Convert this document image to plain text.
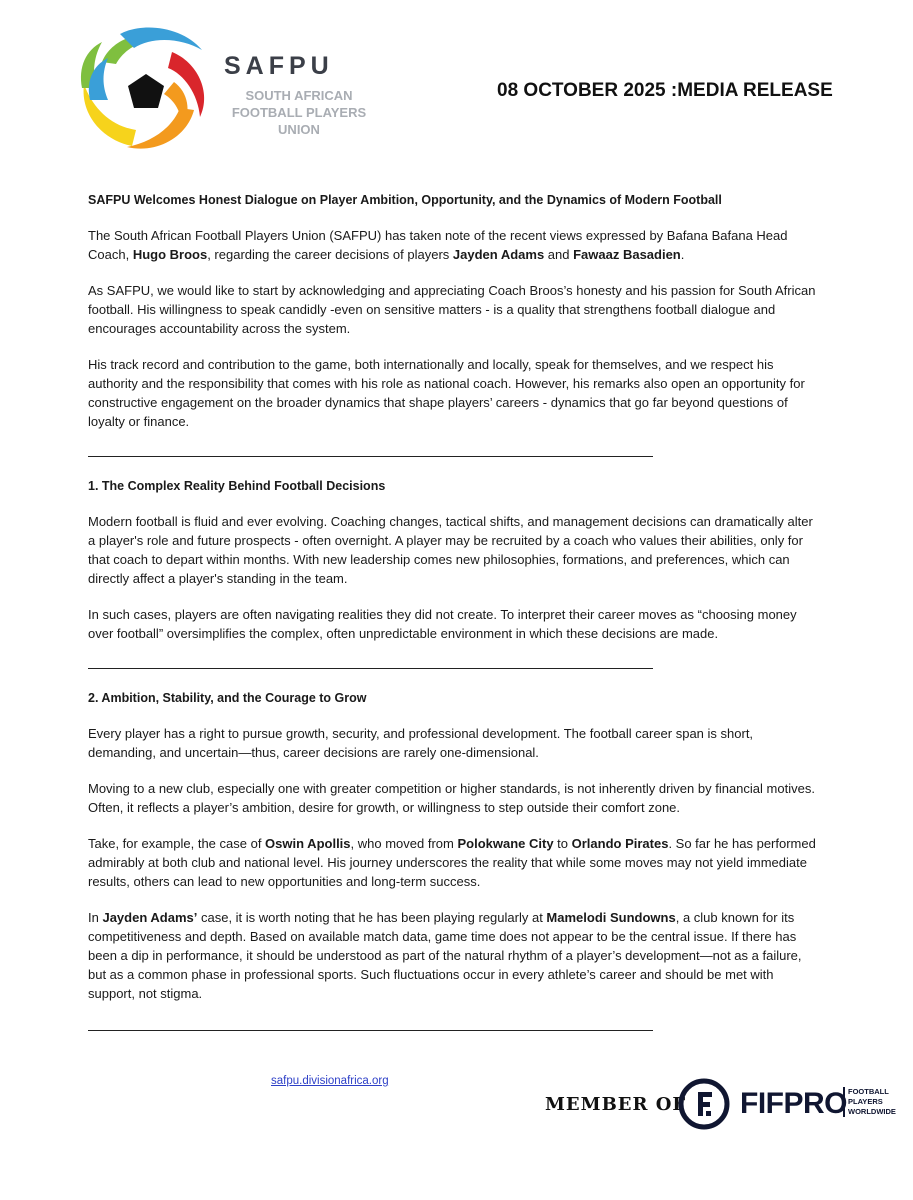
SAFPU
SOUTH AFRICAN
FOOTBALL PLAYERS
UNION
08 OCTOBER 2025 :MEDIA RELEASE

SAFPU Welcomes Honest Dialogue on Player Ambition, Opportunity, and the Dynamics of Modern Football

The South African Football Players Union (SAFPU) has taken note of the recent views expressed by Bafana Bafana Head Coach, Hugo Broos, regarding the career decisions of players Jayden Adams and Fawaaz Basadien.

As SAFPU, we would like to start by acknowledging and appreciating Coach Broos’s honesty and his passion for South African football. His willingness to speak candidly -even on sensitive matters - is a quality that strengthens football dialogue and encourages accountability across the system.

His track record and contribution to the game, both internationally and locally, speak for themselves, and we respect his authority and the responsibility that comes with his role as national coach. However, his remarks also open an opportunity for constructive engagement on the broader dynamics that shape players’ careers - dynamics that go far beyond questions of loyalty or finance.

1. The Complex Reality Behind Football Decisions

Modern football is fluid and ever evolving. Coaching changes, tactical shifts, and management decisions can dramatically alter a player's role and future prospects - often overnight. A player may be recruited by a coach who values their abilities, only for that coach to depart within months. With new leadership comes new philosophies, formations, and preferences, which can directly affect a player's standing in the team.

In such cases, players are often navigating realities they did not create. To interpret their career moves as “choosing money over football” oversimplifies the complex, often unpredictable environment in which these decisions are made.

2. Ambition, Stability, and the Courage to Grow

Every player has a right to pursue growth, security, and professional development. The football career span is short, demanding, and uncertain—thus, career decisions are rarely one-dimensional.

Moving to a new club, especially one with greater competition or higher standards, is not inherently driven by financial motives. Often, it reflects a player’s ambition, desire for growth, or willingness to step outside their comfort zone.

Take, for example, the case of Oswin Apollis, who moved from Polokwane City to Orlando Pirates. So far he has performed admirably at both club and national level. His journey underscores the reality that while some moves may not yield immediate results, others can lead to new opportunities and long-term success.

In Jayden Adams’ case, it is worth noting that he has been playing regularly at Mamelodi Sundowns, a club known for its competitiveness and depth. Based on available match data, game time does not appear to be the central issue. If there has been a dip in performance, it should be understood as part of the natural rhythm of a player’s development—not as a failure, but as a common phase in professional sports. Such fluctuations occur in every athlete’s career and should be met with support, not stigma.

safpu.divisionafrica.org
MEMBER OF FIFPRO FOOTBALL
PLAYERS
WORLDWIDE
